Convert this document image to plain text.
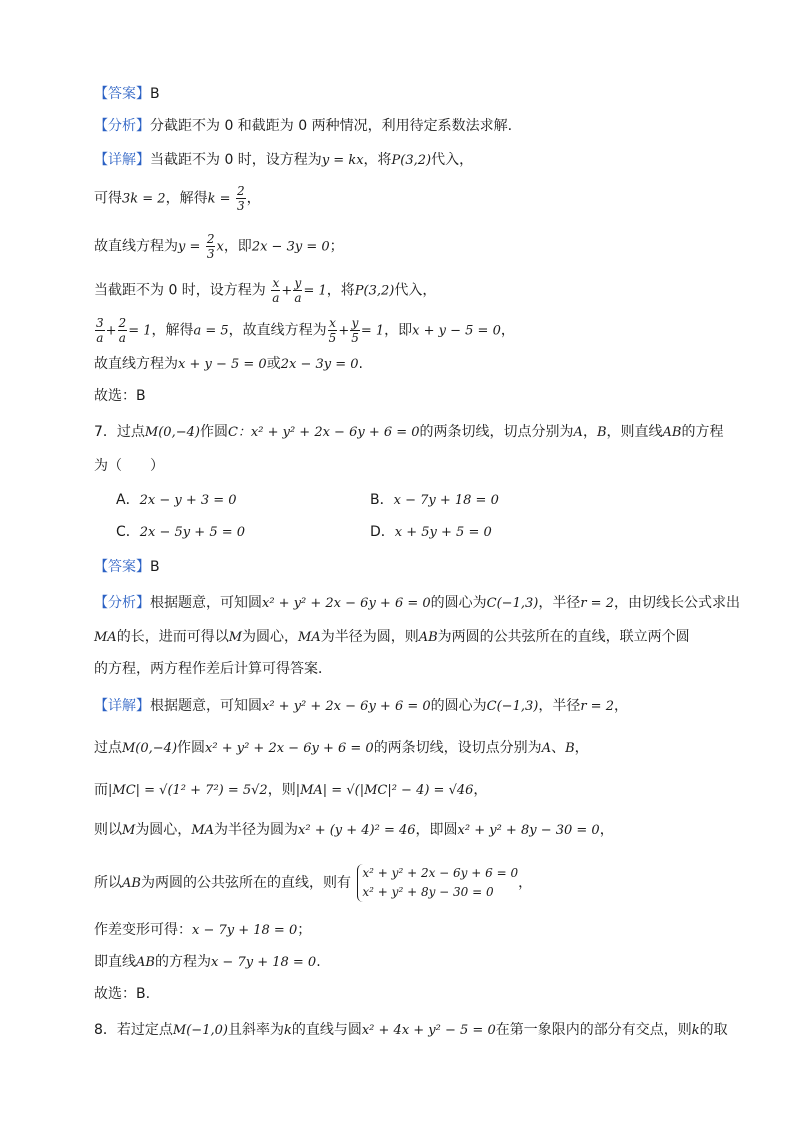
【答案】B
【分析】分截距不为 0 和截距为 0 两种情况，利用待定系数法求解.
【详解】当截距不为 0 时，设方程为y = kx，将P(3,2)代入，
可得3k = 2，解得$k = \frac{2}{3}$ ，
故直线方程为$y = \frac{2}{3}$ x，即2x − 3y = 0；
当截距不为 0 时，设方程为 $\frac{x}{a} + \frac{y}{a} = 1$，将P(3,2)代入，
$\frac{3}{a} + \frac{2}{a} = 1$，解得a = 5，故直线方程为 $\frac{x}{5} + \frac{y}{5} = 1$，即x + y − 5 = 0，
故直线方程为x + y − 5 = 0或2x − 3y = 0.
故选：B
7．过点M(0,−4)作圆C：x² + y² + 2x − 6y + 6 = 0的两条切线，切点分别为A，B，则直线AB的方程
为（　　）
A．2x − y + 3 = 0	B．x − 7y + 18 = 0
C．2x − 5y + 5 = 0	D．x + 5y + 5 = 0
【答案】B
【分析】根据题意，可知圆x² + y² + 2x − 6y + 6 = 0的圆心为C(−1,3)，半径r = 2，由切线长公式求出
MA的长，进而可得以M为圆心，MA为半径为圆，则AB为两圆的公共弦所在的直线，联立两个圆
的方程，两方程作差后计算可得答案．
【详解】根据题意，可知圆x² + y² + 2x − 6y + 6 = 0的圆心为C(−1,3)，半径r = 2，
过点M(0,−4)作圆x² + y² + 2x − 6y + 6 = 0的两条切线，设切点分别为A、B，
而|MC| = √(1² + 7²) = 5√2，则|MA| = √(|MC|² − 4) = √46，
则以M为圆心，MA为半径为圆为x² + (y + 4)² = 46，即圆x² + y² + 8y − 30 = 0，
所以AB为两圆的公共弦所在的直线，则有
x² + y² + 2x − 6y + 6 = 0
x² + y² + 8y − 30 = 0
，
作差变形可得：x − 7y + 18 = 0；
即直线AB的方程为x − 7y + 18 = 0.
故选：B.
8．若过定点M(−1,0)且斜率为k的直线与圆x² + 4x + y² − 5 = 0在第一象限内的部分有交点，则k的取
